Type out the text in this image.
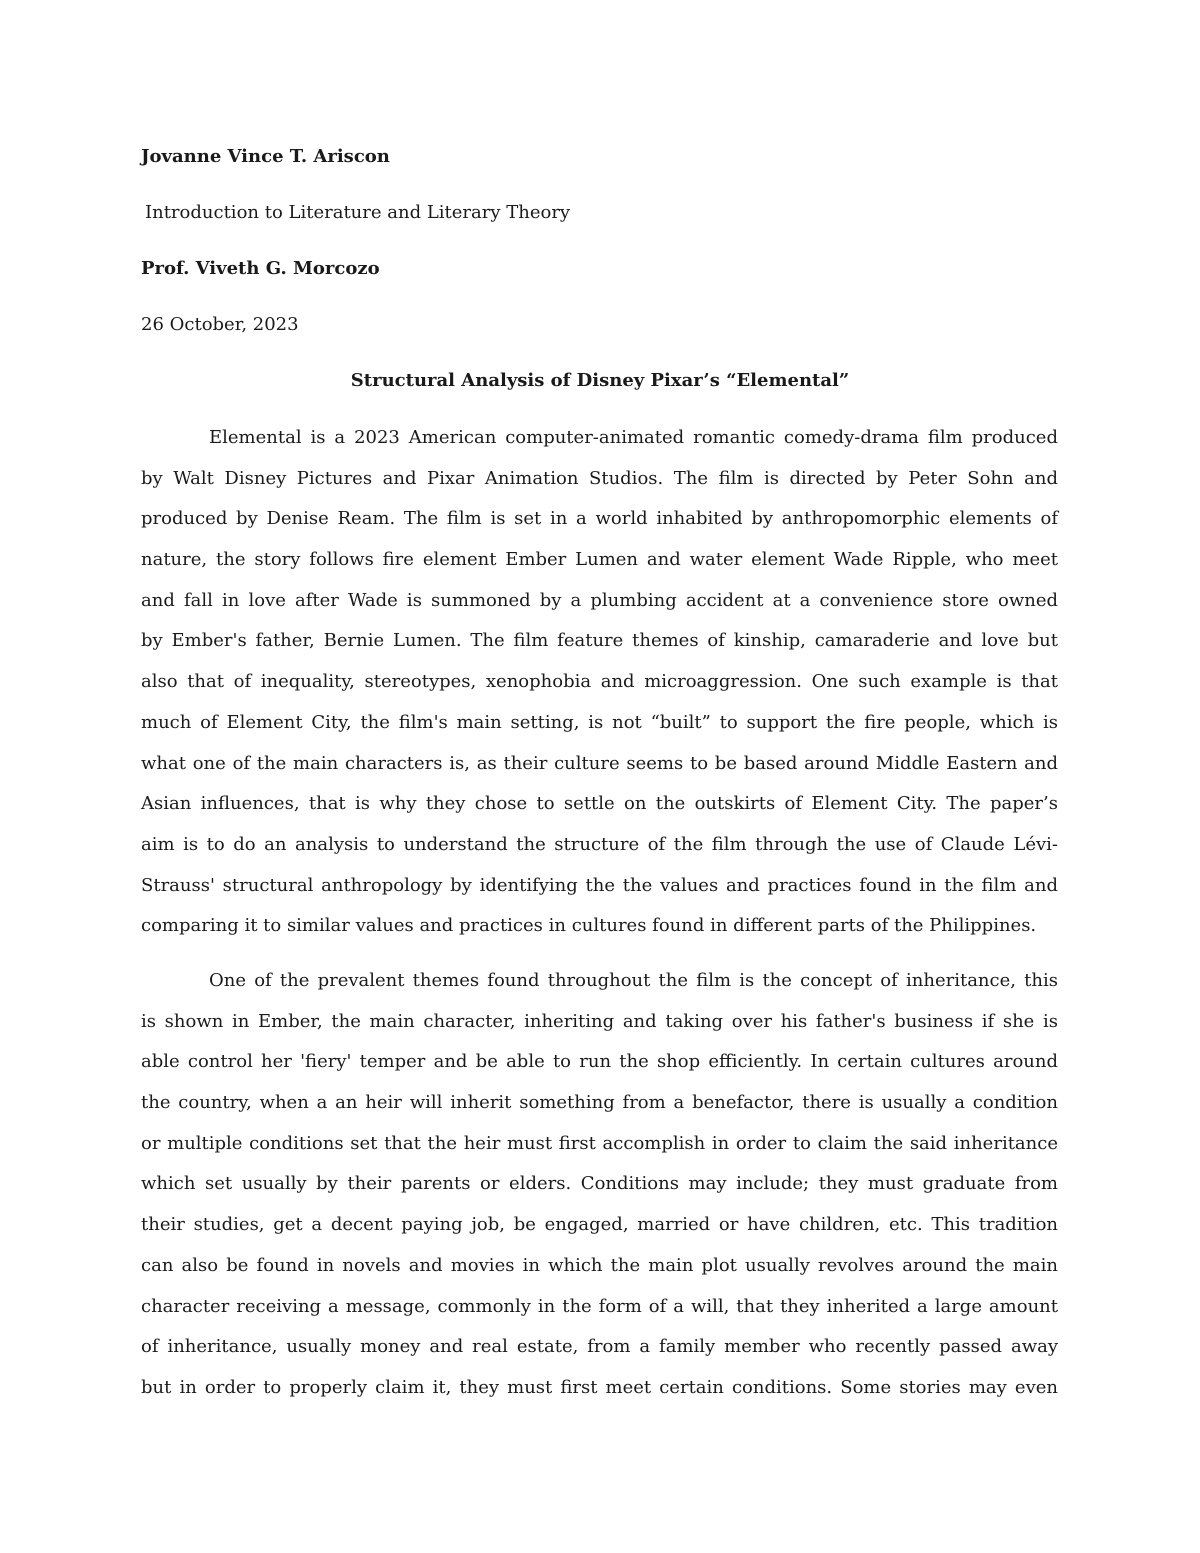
Jovanne Vince T. Ariscon
Introduction to Literature and Literary Theory
Prof. Viveth G. Morcozo
26 October, 2023
Structural Analysis of Disney Pixar’s “Elemental”
Elemental is a 2023 American computer-animated romantic comedy-drama film produced
by Walt Disney Pictures and Pixar Animation Studios. The film is directed by Peter Sohn and
produced by Denise Ream. The film is set in a world inhabited by anthropomorphic elements of
nature, the story follows fire element Ember Lumen and water element Wade Ripple, who meet
and fall in love after Wade is summoned by a plumbing accident at a convenience store owned
by Ember's father, Bernie Lumen. The film feature themes of kinship, camaraderie and love but
also that of inequality, stereotypes, xenophobia and microaggression. One such example is that
much of Element City, the film's main setting, is not “built” to support the fire people, which is
what one of the main characters is, as their culture seems to be based around Middle Eastern and
Asian influences, that is why they chose to settle on the outskirts of Element City. The paper’s
aim is to do an analysis to understand the structure of the film through the use of Claude Lévi-
Strauss' structural anthropology by identifying the the values and practices found in the film and
comparing it to similar values and practices in cultures found in different parts of the Philippines.
One of the prevalent themes found throughout the film is the concept of inheritance, this
is shown in Ember, the main character, inheriting and taking over his father's business if she is
able control her 'fiery' temper and be able to run the shop efficiently. In certain cultures around
the country, when a an heir will inherit something from a benefactor, there is usually a condition
or multiple conditions set that the heir must first accomplish in order to claim the said inheritance
which set usually by their parents or elders. Conditions may include; they must graduate from
their studies, get a decent paying job, be engaged, married or have children, etc. This tradition
can also be found in novels and movies in which the main plot usually revolves around the main
character receiving a message, commonly in the form of a will, that they inherited a large amount
of inheritance, usually money and real estate, from a family member who recently passed away
but in order to properly claim it, they must first meet certain conditions. Some stories may even
